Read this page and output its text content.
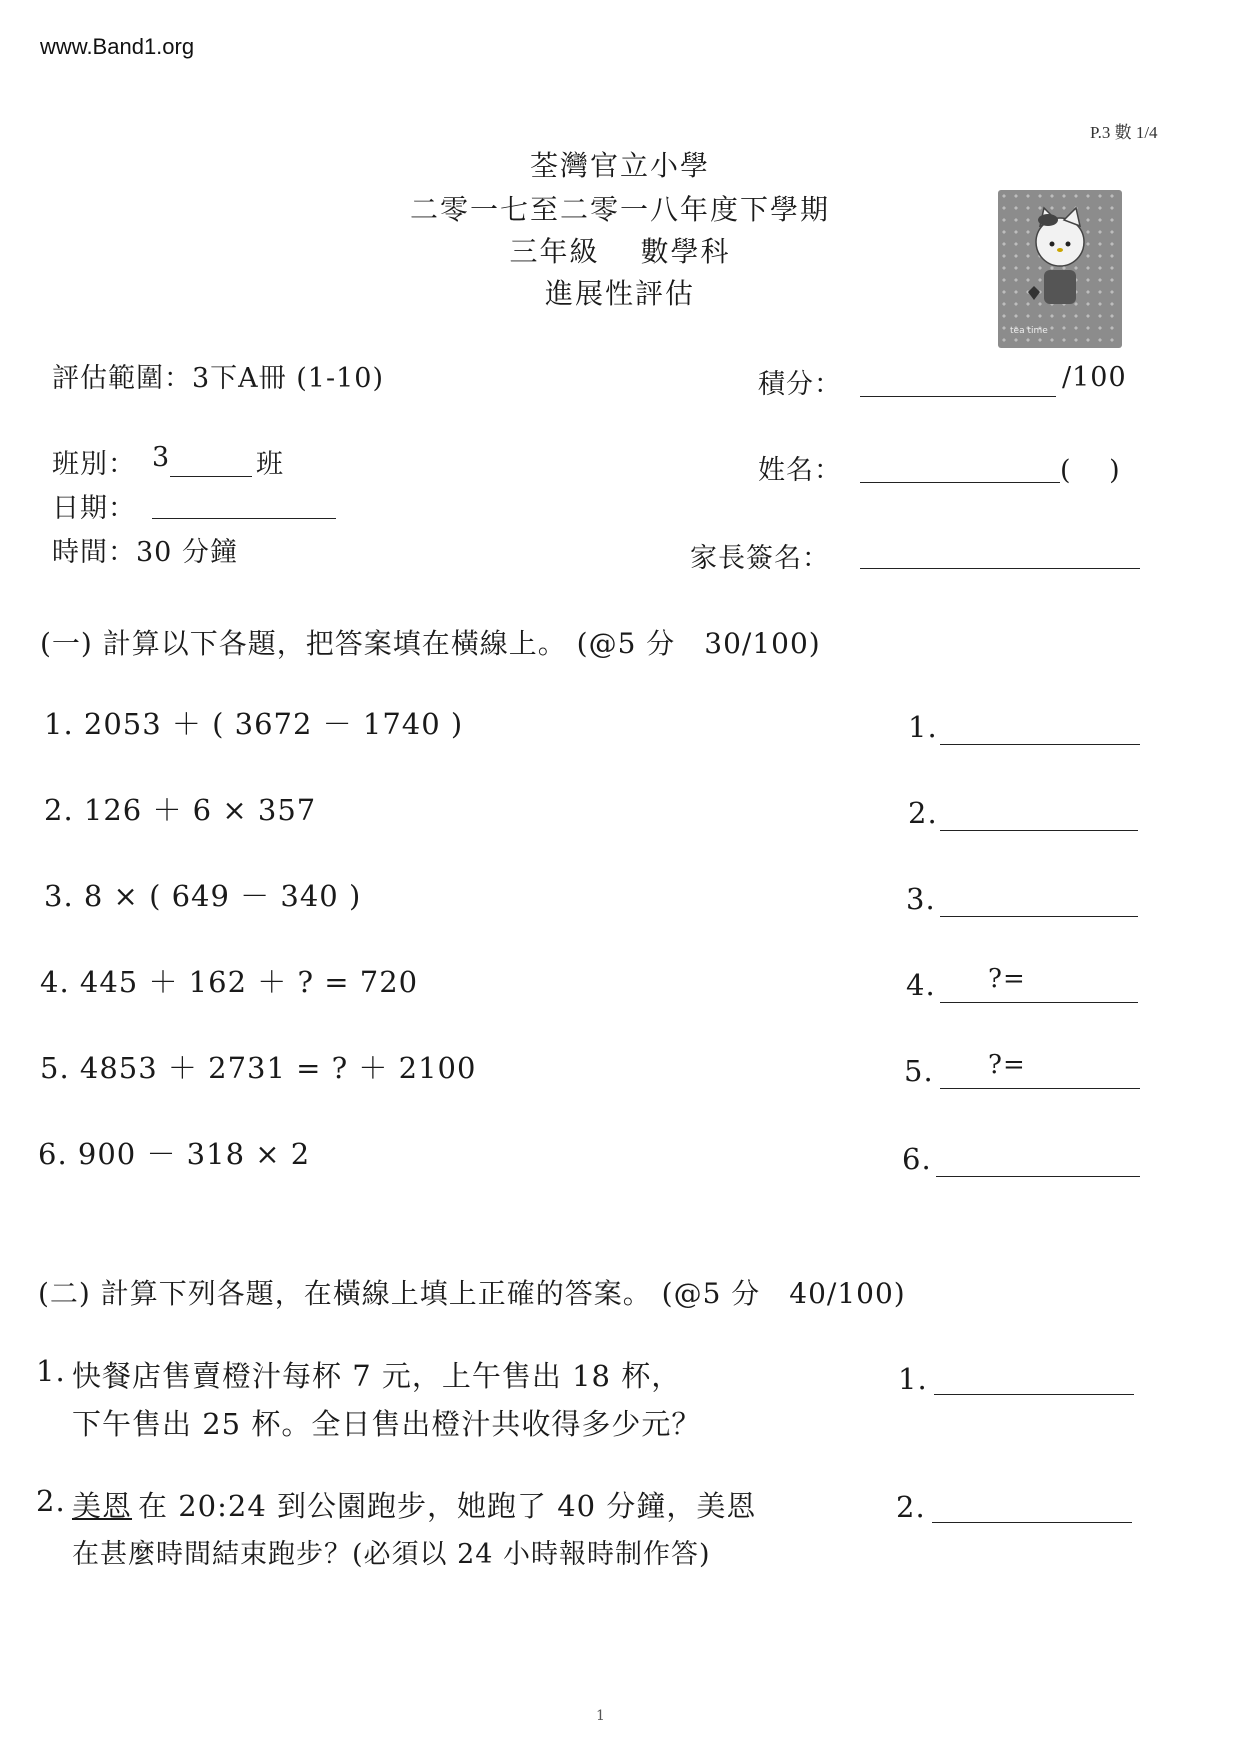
www.Band1.org
P.3 數 1/4
荃灣官立小學
二零一七至二零一八年度下學期
三年級　 數學科
進展性評估
tea time
評估範圍：3下A冊 (1-10)	積分：	/100
班別： 3	班	姓名：	(　 )
日期：
時間：30 分鐘	家長簽名：
(一) 計算以下各題，把答案填在橫線上。 (@5 分　30/100)
1. 2053 ＋ ( 3672 － 1740 )	1.
2. 126 ＋ 6 × 357	2.
3. 8 × ( 649 － 340 )	3.
4. 445 ＋ 162 ＋ ? = 720	4. ?=
5. 4853 ＋ 2731 = ? ＋ 2100	5. ?=
6. 900 － 318 × 2	6.
(二) 計算下列各題，在橫線上填上正確的答案。 (@5 分　40/100)
1. 快餐店售賣橙汁每杯 7 元，上午售出 18 杯，
下午售出 25 杯。全日售出橙汁共收得多少元？
1.
2. 美恩 在 20:24 到公園跑步，她跑了 40 分鐘，美恩
在甚麼時間結束跑步？(必須以 24 小時報時制作答)
2.
1
